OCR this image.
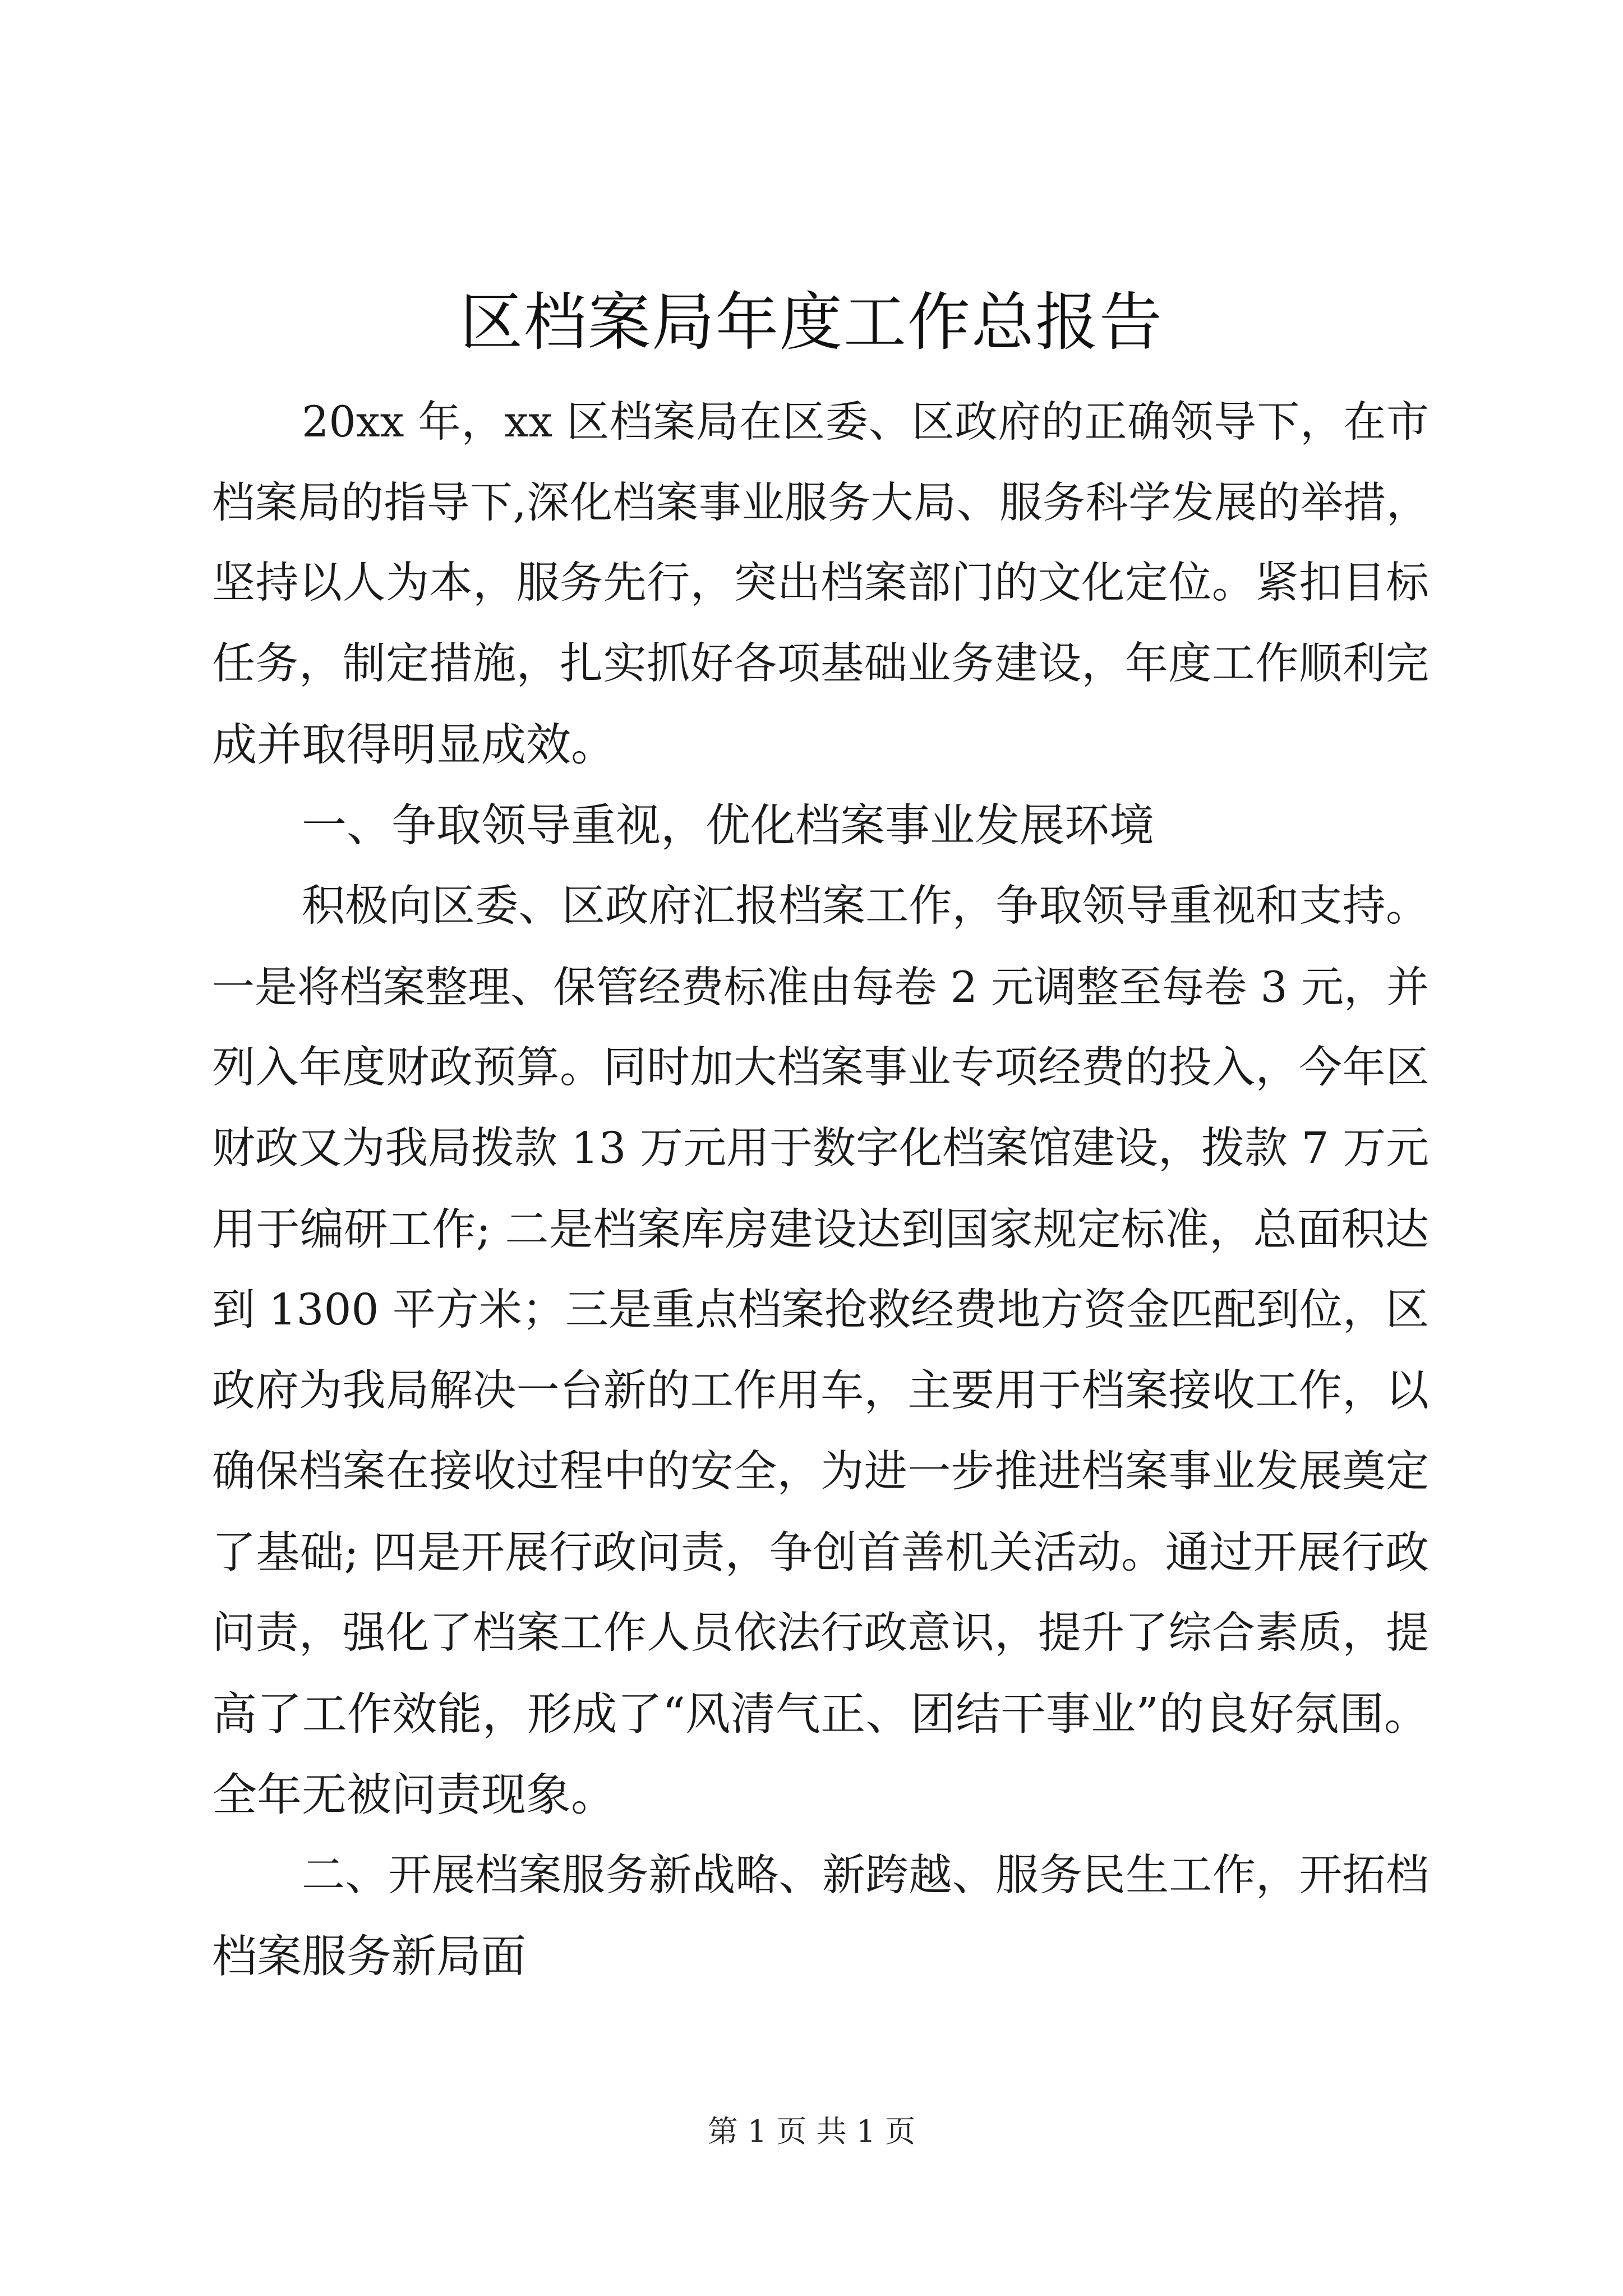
区档案局年度工作总报告
20xx 年，xx 区档案局在区委、区政府的正确领导下，在市
档案局的指导下,深化档案事业服务大局、服务科学发展的举措，
坚持以人为本，服务先行，突出档案部门的文化定位。紧扣目标
任务，制定措施，扎实抓好各项基础业务建设，年度工作顺利完
成并取得明显成效。
一、争取领导重视，优化档案事业发展环境
积极向区委、区政府汇报档案工作，争取领导重视和支持。
一是将档案整理、保管经费标准由每卷 2 元调整至每卷 3 元，并
列入年度财政预算。同时加大档案事业专项经费的投入，今年区
财政又为我局拨款 13 万元用于数字化档案馆建设，拨款 7 万元
用于编研工作; 二是档案库房建设达到国家规定标准，总面积达
到 1300 平方米；三是重点档案抢救经费地方资金匹配到位，区
政府为我局解决一台新的工作用车，主要用于档案接收工作，以
确保档案在接收过程中的安全，为进一步推进档案事业发展奠定
了基础; 四是开展行政问责，争创首善机关活动。通过开展行政
问责，强化了档案工作人员依法行政意识，提升了综合素质，提
高了工作效能，形成了“风清气正、团结干事业”的良好氛围。
全年无被问责现象。
二、开展档案服务新战略、新跨越、服务民生工作，开拓档
档案服务新局面
第 1 页 共 1 页
